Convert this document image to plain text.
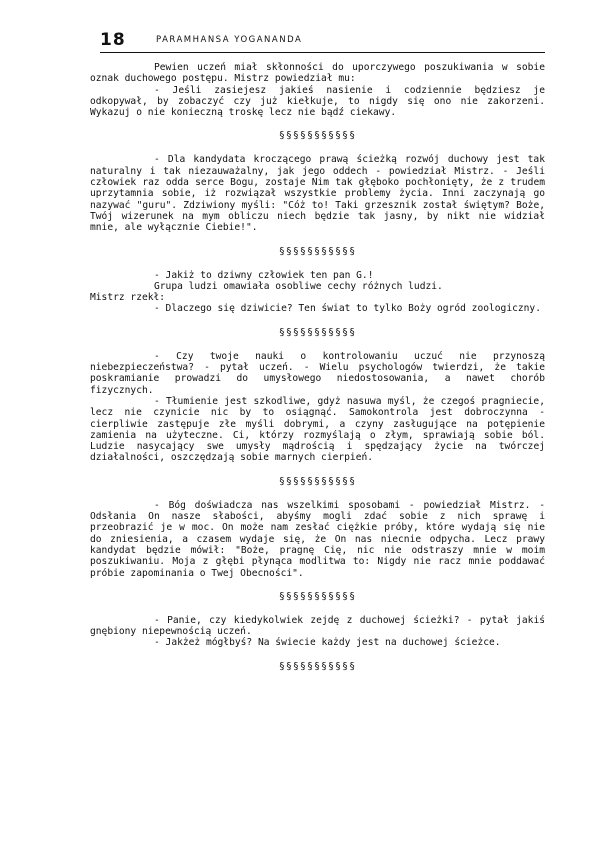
18	PARAMHANSA YOGANANDA

Pewien uczeń miał skłonności do uporczywego poszukiwania w sobie oznak duchowego postępu. Mistrz powiedział mu:

- Jeśli zasiejesz jakieś nasienie i codziennie będziesz je odkopywał, by zobaczyć czy już kiełkuje, to nigdy się ono nie zakorzeni. Wykazuj o nie konieczną troskę lecz nie bądź ciekawy.

§§§§§§§§§§§

- Dla kandydata kroczącego prawą ścieżką rozwój duchowy jest tak naturalny i tak niezauważalny, jak jego oddech - powiedział Mistrz. - Jeśli człowiek raz odda serce Bogu, zostaje Nim tak głęboko pochłonięty, że z trudem uprzytamnia sobie, iż rozwiązał wszystkie problemy życia. Inni zaczynają go nazywać "guru". Zdziwiony myśli: "Cóż to! Taki grzesznik został świętym? Boże, Twój wizerunek na mym obliczu niech będzie tak jasny, by nikt nie widział mnie, ale wyłącznie Ciebie!".

§§§§§§§§§§§

- Jakiż to dziwny człowiek ten pan G.!

Grupa ludzi omawiała osobliwe cechy różnych ludzi.

Mistrz rzekł:

- Dlaczego się dziwicie? Ten świat to tylko Boży ogród zoologiczny.

§§§§§§§§§§§

- Czy twoje nauki o kontrolowaniu uczuć nie przynoszą niebezpieczeństwa? - pytał uczeń. - Wielu psychologów twierdzi, że takie poskramianie prowadzi do umysłowego niedostosowania, a nawet chorób fizycznych.

- Tłumienie jest szkodliwe, gdyż nasuwa myśl, że czegoś pragniecie, lecz nie czynicie nic by to osiągnąć. Samokontrola jest dobroczynna - cierpliwie zastępuje złe myśli dobrymi, a czyny zasługujące na potępienie zamienia na użyteczne. Ci, którzy rozmyślają o złym, sprawiają sobie ból. Ludzie nasycający swe umysły mądrością i spędzający życie na twórczej działalności, oszczędzają sobie marnych cierpień.

§§§§§§§§§§§

- Bóg doświadcza nas wszelkimi sposobami - powiedział Mistrz. - Odsłania On nasze słabości, abyśmy mogli zdać sobie z nich sprawę i przeobrazić je w moc. On może nam zesłać ciężkie próby, które wydają się nie do zniesienia, a czasem wydaje się, że On nas niecnie odpycha. Lecz prawy kandydat będzie mówił: "Boże, pragnę Cię, nic nie odstraszy mnie w moim poszukiwaniu. Moja z głębi płynąca modlitwa to: Nigdy nie racz mnie poddawać próbie zapominania o Twej Obecności".

§§§§§§§§§§§

- Panie, czy kiedykolwiek zejdę z duchowej ścieżki? - pytał jakiś gnębiony niepewnością uczeń.

- Jakżeż mógłbyś? Na świecie każdy jest na duchowej ścieżce.

§§§§§§§§§§§
